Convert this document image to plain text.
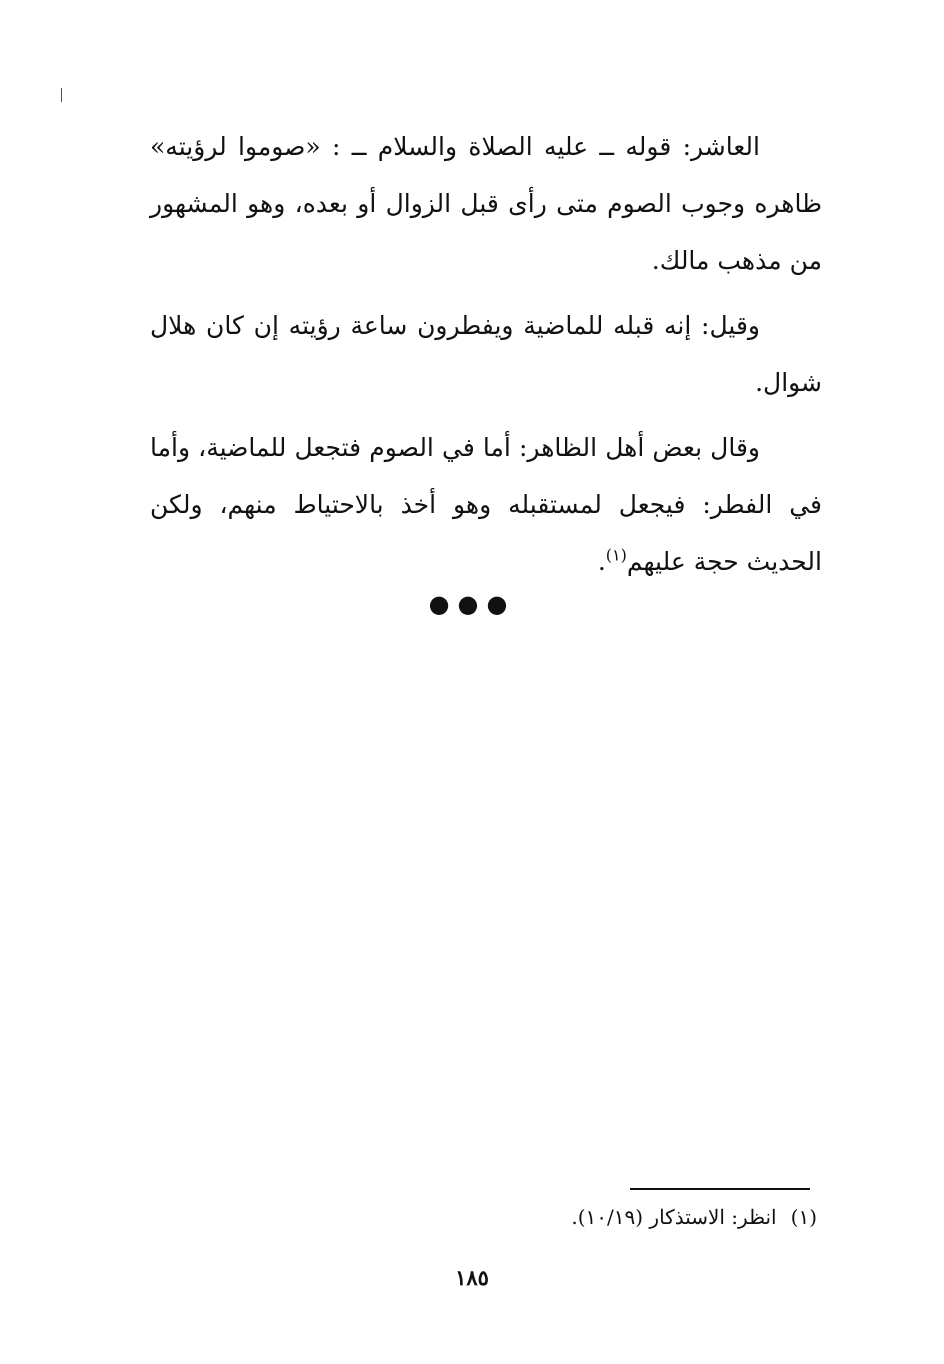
العاشر: قوله ــ عليه الصلاة والسلام ــ : «صوموا لرؤيته» ظاهره وجوب الصوم متى رأى قبل الزوال أو بعده، وهو المشهور من مذهب مالك.

وقيل: إنه قبله للماضية ويفطرون ساعة رؤيته إن كان هلال شوال.

وقال بعض أهل الظاهر: أما في الصوم فتجعل للماضية، وأما في الفطر: فيجعل لمستقبله وهو أخذ بالاحتياط منهم، ولكن الحديث حجة عليهم$^{(١)}$.

●●●
(١)انظر: الاستذكار (١٠/١٩).
١٨٥
